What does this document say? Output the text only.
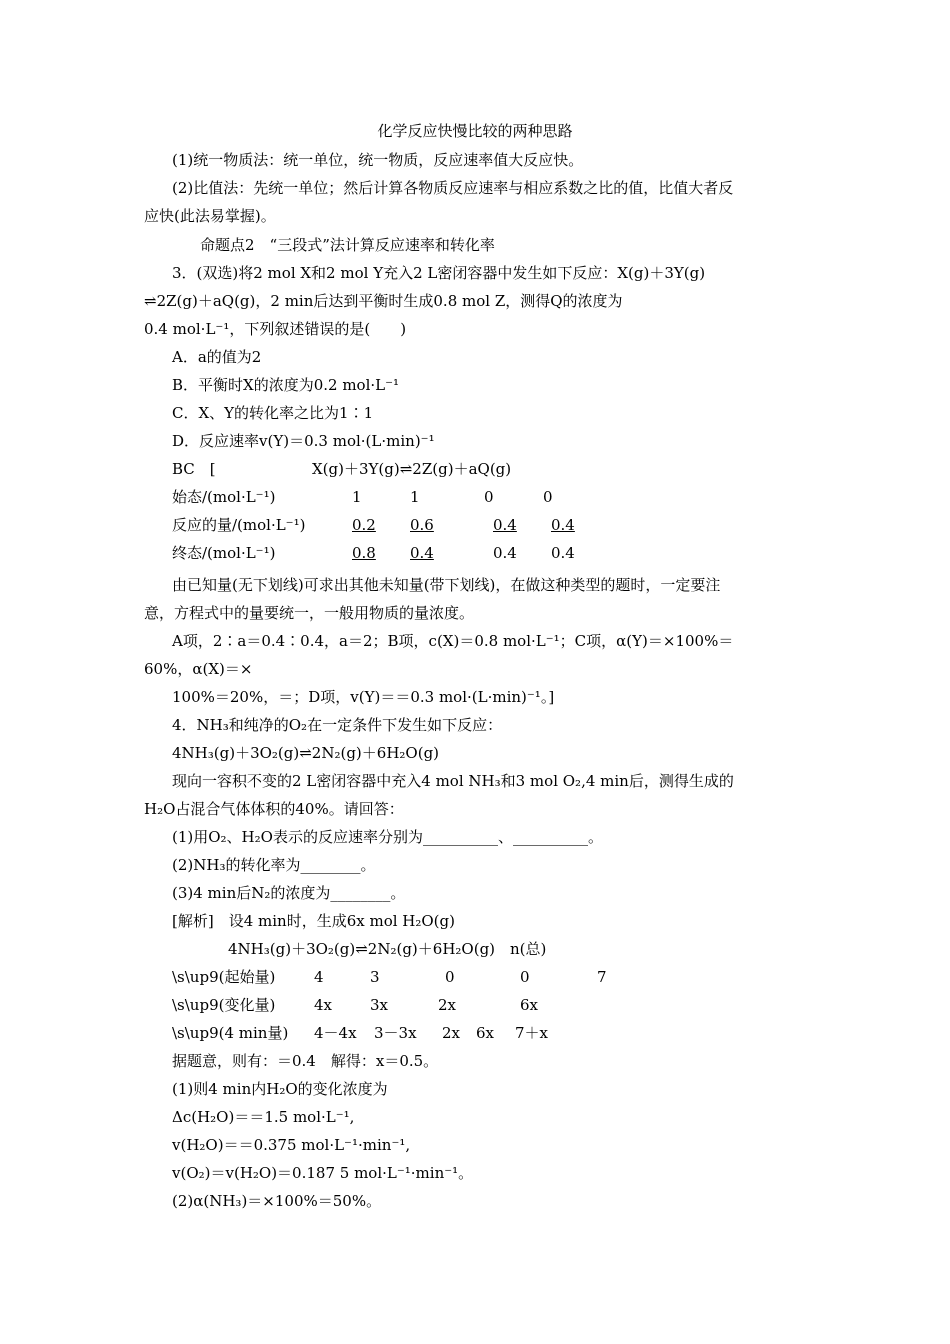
化学反应快慢比较的两种思路
(1)统一物质法：统一单位，统一物质，反应速率值大反应快。
(2)比值法：先统一单位；然后计算各物质反应速率与相应系数之比的值，比值大者反
应快(此法易掌握)。
命题点2　“三段式”法计算反应速率和转化率
3．(双选)将2 mol X和2 mol Y充入2 L密闭容器中发生如下反应：X(g)＋3Y(g)
⇌2Z(g)＋aQ(g)，2 min后达到平衡时生成0.8 mol Z，测得Q的浓度为
0.4 mol·L⁻¹，下列叙述错误的是(　　)
A．a的值为2
B．平衡时X的浓度为0.2 mol·L⁻¹
C．X、Y的转化率之比为1∶1
D．反应速率v(Y)＝0.3 mol·(L·min)⁻¹
BC　[	X(g)＋3Y(g)⇌2Z(g)＋aQ(g)
始态/(mol·L⁻¹)	1	1	0	0
反应的量/(mol·L⁻¹)	0.2 0.6	0.4 0.4
终态/(mol·L⁻¹)	0.8 0.4	0.4 0.4
由已知量(无下划线)可求出其他未知量(带下划线)，在做这种类型的题时，一定要注
意，方程式中的量要统一，一般用物质的量浓度。
A项，2∶a＝0.4∶0.4，a＝2；B项，c(X)＝0.8 mol·L⁻¹；C项，α(Y)＝×100%＝
60%，α(X)＝×
100%＝20%，＝；D项，v(Y)＝＝0.3 mol·(L·min)⁻¹。]
4．NH₃和纯净的O₂在一定条件下发生如下反应：
4NH₃(g)＋3O₂(g)⇌2N₂(g)＋6H₂O(g)
现向一容积不变的2 L密闭容器中充入4 mol NH₃和3 mol O₂,4 min后，测得生成的
H₂O占混合气体体积的40%。请回答：
(1)用O₂、H₂O表示的反应速率分别为__________、__________。
(2)NH₃的转化率为________。
(3)4 min后N₂的浓度为________。
[解析]　设4 min时，生成6x mol H₂O(g)
4NH₃(g)＋3O₂(g)⇌2N₂(g)＋6H₂O(g)　n(总)
\s\up9(起始量)	4	3	0	0	7
\s\up9(变化量)	4x	3x	2x	6x
\s\up9(4 min量) 4－4x 3－3x 2x 6x 7＋x
据题意，则有：＝0.4　解得：x＝0.5。
(1)则4 min内H₂O的变化浓度为
Δc(H₂O)＝＝1.5 mol·L⁻¹,
v(H₂O)＝＝0.375 mol·L⁻¹·min⁻¹,
v(O₂)＝v(H₂O)＝0.187 5 mol·L⁻¹·min⁻¹。
(2)α(NH₃)＝×100%＝50%。
